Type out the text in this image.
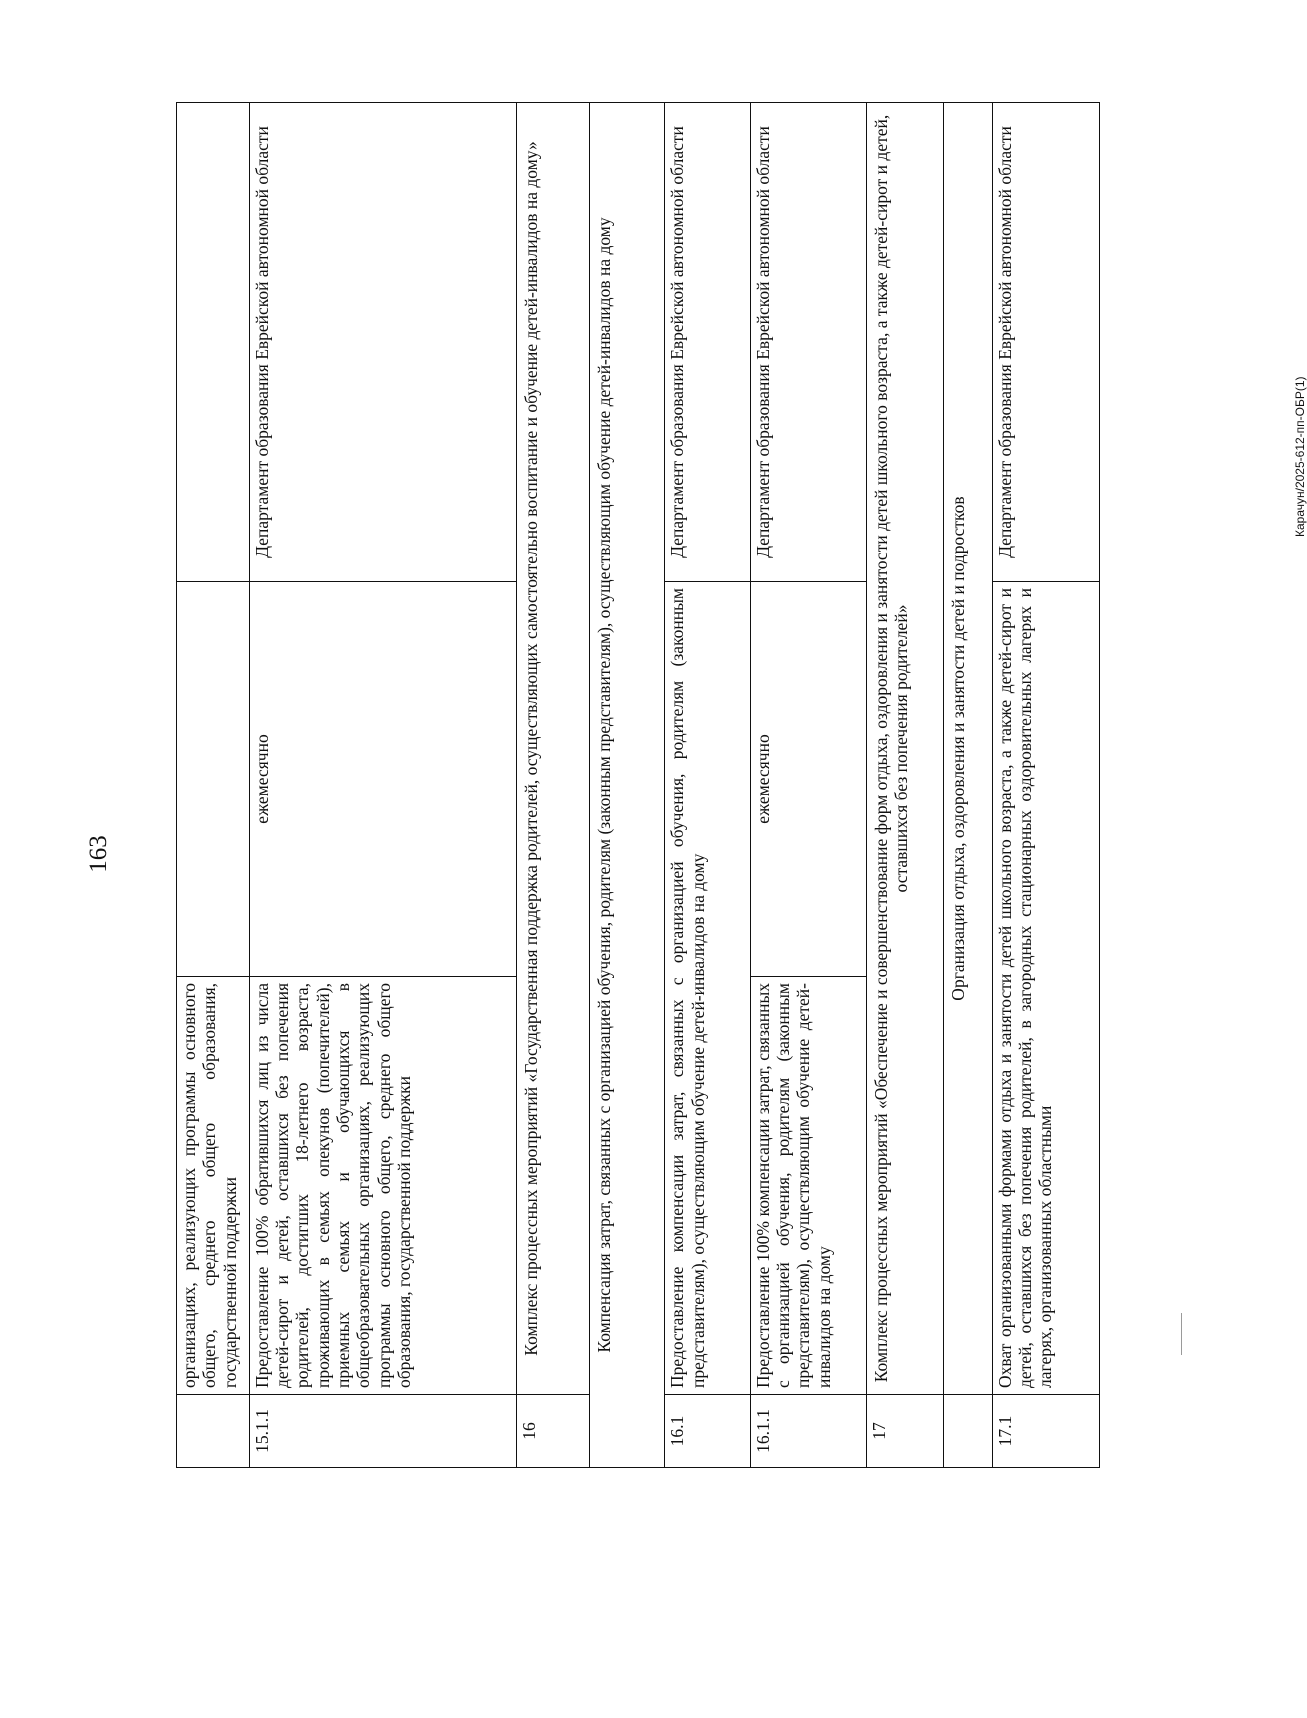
163
Карачун/2025-612-пп-ОБР(1)
	организациях, реализующих программы основного общего, среднего общего образования, государственной поддержки		
15.1.1	Предоставление 100% обратившихся лиц из числа детей-сирот и детей, оставшихся без попечения родителей, достигших 18-летнего возраста, проживающих в семьях опекунов (попечителей), приемных семьях и обучающихся в общеобразовательных организациях, реализующих программы основного общего, среднего общего образования, государственной поддержки	ежемесячно	Департамент образования Еврейской автономной области
16	Комплекс процессных мероприятий «Государственная поддержка родителей, осуществляющих самостоятельно воспитание и обучение детей-инвалидов на дому»		
Компенсация затрат, связанных с организацией обучения, родителям (законным представителям), осуществляющим обучение детей-инвалидов на дому			
16.1	Предоставление компенсации затрат, связанных с организацией обучения, родителям (законным представителям), осуществляющим обучение детей-инвалидов на дому		Департамент образования Еврейской автономной области
16.1.1	Предоставление 100% компенсации затрат, связанных с организацией обучения, родителям (законным представителям), осуществляющим обучение детей-инвалидов на дому	ежемесячно	Департамент образования Еврейской автономной области
17	Комплекс процессных мероприятий «Обеспечение и совершенствование форм отдыха, оздоровления и занятости детей школьного возраста, а также детей-сирот и детей, оставшихся без попечения родителей»		
	Организация отдыха, оздоровления и занятости детей и подростков		
17.1	Охват организованными формами отдыха и занятости детей школьного возраста, а также детей-сирот и детей, оставшихся без попечения родителей, в загородных стационарных оздоровительных лагерях и лагерях, организованных областными		Департамент образования Еврейской автономной области
